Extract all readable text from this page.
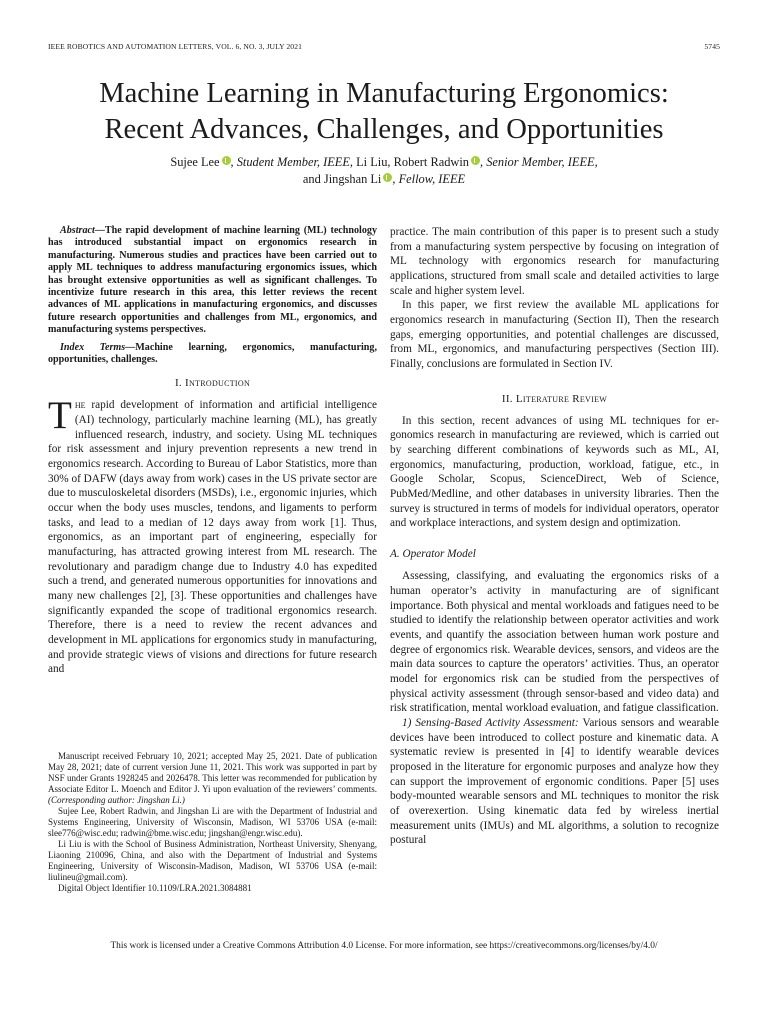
IEEE ROBOTICS AND AUTOMATION LETTERS, VOL. 6, NO. 3, JULY 2021	5745
Machine Learning in Manufacturing Ergonomics:
Recent Advances, Challenges, and Opportunities
Sujee Lee , Student Member, IEEE, Li Liu, Robert Radwin , Senior Member, IEEE,
and Jingshan Li , Fellow, IEEE

Abstract—The rapid development of machine learning (ML) technology has introduced substantial impact on ergonomics research in manufacturing. Numerous studies and practices have been carried out to apply ML techniques to address manufacturing ergonomics issues, which has brought extensive opportunities as well as significant challenges. To incentivize future research in this area, this letter reviews the recent advances of ML applications in manufacturing ergonomics, and discusses future research opportunities and challenges from ML, ergonomics, and manufacturing systems perspectives.

Index Terms—Machine learning, ergonomics, manufacturing, opportunities, challenges.

I. Introduction

The rapid development of information and artificial intelligence (AI) technology, particularly machine learning (ML), has greatly influenced research, industry, and society. Using ML techniques for risk assessment and injury prevention represents a new trend in ergonomics research. According to Bureau of Labor Statistics, more than 30% of DAFW (days away from work) cases in the US private sector are due to musculoskeletal disorders (MSDs), i.e., ergonomic injuries, which occur when the body uses muscles, tendons, and ligaments to perform tasks, and lead to a median of 12 days away from work [1]. Thus, ergonomics, as an important part of engineering, especially for manufacturing, has attracted growing interest from ML research. The revolutionary and paradigm change due to Industry 4.0 has expedited such a trend, and generated numerous opportunities for innovations and many new challenges [2], [3]. These opportunities and challenges have significantly expanded the scope of traditional ergonomics research. Therefore, there is a need to review the recent advances and development in ML applications for ergonomics study in manufacturing, and provide strategic views of visions and directions for future research and

Manuscript received February 10, 2021; accepted May 25, 2021. Date of publication May 28, 2021; date of current version June 11, 2021. This work was supported in part by NSF under Grants 1928245 and 2026478. This letter was recommended for publication by Associate Editor L. Moench and Editor J. Yi upon evaluation of the reviewers’ comments. (Corresponding author: Jingshan Li.)

Sujee Lee, Robert Radwin, and Jingshan Li are with the Department of Industrial and Systems Engineering, University of Wisconsin, Madison, WI 53706 USA (e-mail: slee776@wisc.edu; radwin@bme.wisc.edu; jingshan@engr.wisc.edu).

Li Liu is with the School of Business Administration, Northeast University, Shenyang, Liaoning 210096, China, and also with the Department of Industrial and Systems Engineering, University of Wisconsin-Madison, Madison, WI 53706 USA (e-mail: liulineu@gmail.com).

Digital Object Identifier 10.1109/LRA.2021.3084881

practice. The main contribution of this paper is to present such a study from a manufacturing system perspective by focusing on integration of ML technology with ergonomics research for manufacturing applications, structured from small scale and detailed activities to large scale and higher system level.

In this paper, we first review the available ML applications for ergonomics research in manufacturing (Section II), Then the research gaps, emerging opportunities, and potential challenges are discussed, from ML, ergonomics, and manufacturing perspectives (Section III). Finally, conclusions are formulated in Section IV.

II. Literature Review

In this section, recent advances of using ML techniques for ergonomics research in manufacturing are reviewed, which is carried out by searching different combinations of keywords such as ML, AI, ergonomics, manufacturing, production, workload, fatigue, etc., in Google Scholar, Scopus, ScienceDirect, Web of Science, PubMed/Medline, and other databases in university libraries. Then the survey is structured in terms of models for individual operators, operator and workplace interactions, and system design and optimization.

A. Operator Model

Assessing, classifying, and evaluating the ergonomics risks of a human operator’s activity in manufacturing are of significant importance. Both physical and mental workloads and fatigues need to be studied to identify the relationship between operator activities and work events, and quantify the association between human work posture and degree of ergonomics risk. Wearable devices, sensors, and videos are the main data sources to capture the operators’ activities. Thus, an operator model for ergonomics risk can be studied from the perspectives of physical activity assessment (through sensor-based and video data) and risk stratification, mental workload evaluation, and fatigue classification.

1) Sensing-Based Activity Assessment: Various sensors and wearable devices have been introduced to collect posture and kinematic data. A systematic review is presented in [4] to identify wearable devices proposed in the literature for ergonomic purposes and analyze how they can support the improvement of ergonomic conditions. Paper [5] uses body-mounted wearable sensors and ML techniques to monitor the risk of overexertion. Using kinematic data fed by wireless inertial measurement units (IMUs) and ML algorithms, a solution to recognize postural

This work is licensed under a Creative Commons Attribution 4.0 License. For more information, see https://creativecommons.org/licenses/by/4.0/
